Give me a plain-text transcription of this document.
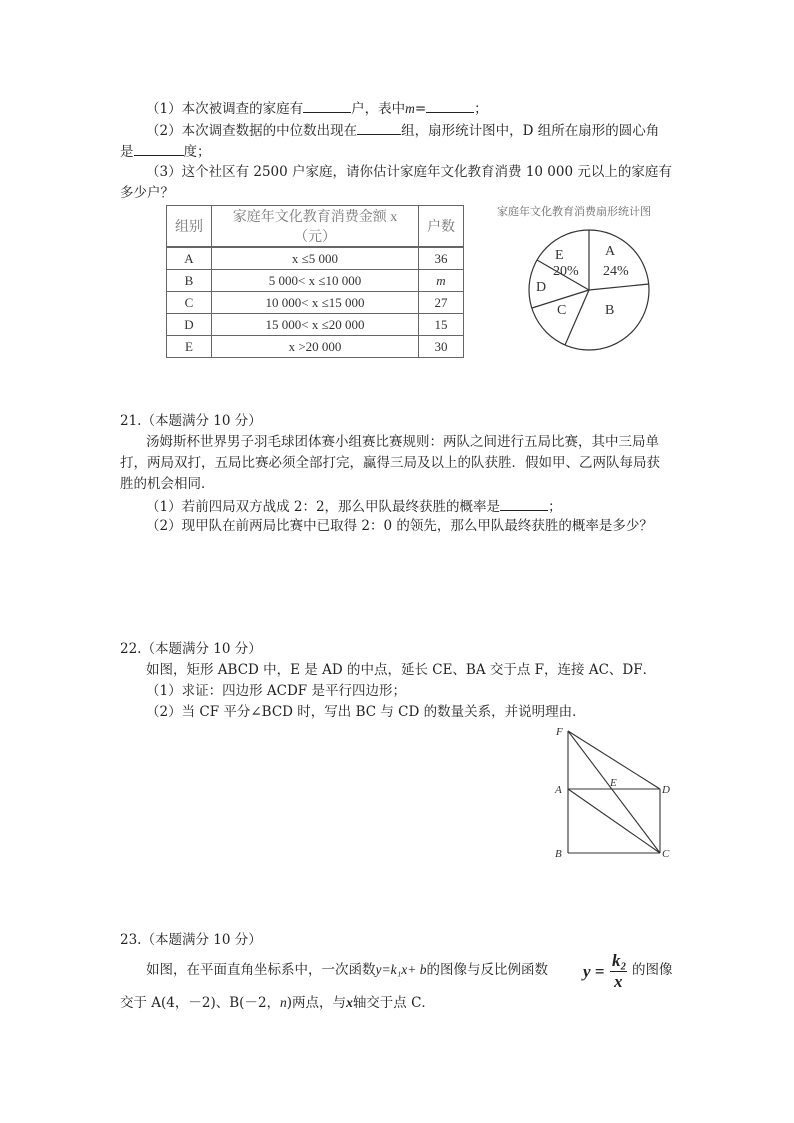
（1）本次被调查的家庭有	户，表中m=	；
（2）本次调查数据的中位数出现在	组，扇形统计图中，D 组所在扇形的圆心角
是	度；
（3）这个社区有 2500 户家庭，请你估计家庭年文化教育消费 10 000 元以上的家庭有
多少户？
组别	家庭年文化教育消费金额 x（元）	户数
A	x ≤5 000	36
B	5 000< x ≤10 000	m
C	10 000< x ≤15 000	27
D	15 000< x ≤20 000	15
E	x >20 000	30
家庭年文化教育消费扇形统计图
A
24%
E
20%
D
C	B
21.（本题满分 10 分）
汤姆斯杯世界男子羽毛球团体赛小组赛比赛规则：两队之间进行五局比赛，其中三局单
打，两局双打，五局比赛必须全部打完，赢得三局及以上的队获胜．假如甲、乙两队每局获
胜的机会相同．
（1）若前四局双方战成 2：2，那么甲队最终获胜的概率是	；
（2）现甲队在前两局比赛中已取得 2：0 的领先，那么甲队最终获胜的概率是多少？
22.（本题满分 10 分）
如图，矩形 ABCD 中，E 是 AD 的中点，延长 CE、BA 交于点 F，连接 AC、DF．
（1）求证：四边形 ACDF 是平行四边形；
（2）当 CF 平分∠BCD 时，写出 BC 与 CD 的数量关系，并说明理由．
F
E
A	D
B	C
23.（本题满分 10 分）
如图，在平面直角坐标系中，一次函数y=k₁x+ b的图像与反比例函数 y =
k₂
x
的图像
交于 A(4，－2)、B(－2，n)两点，与x轴交于点 C．
